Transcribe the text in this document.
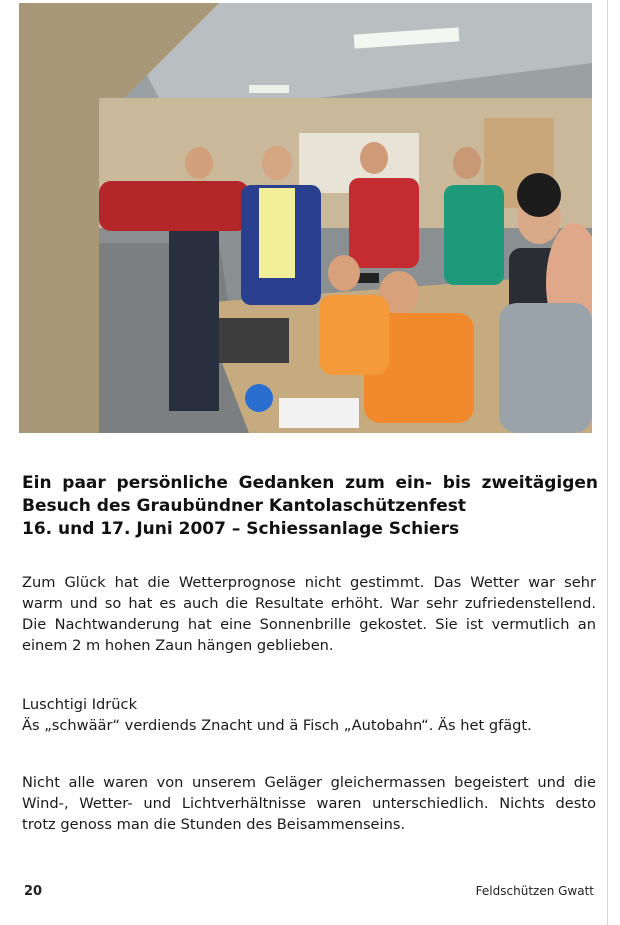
Ein paar persönliche Gedanken zum ein- bis zweitägigen
Besuch des Graubündner Kantolaschützenfest
16. und 17. Juni 2007 – Schiessanlage Schiers
Zum Glück hat die Wetterprognose nicht gestimmt. Das Wetter war sehr
warm und so hat es auch die Resultate erhöht. War sehr zufriedenstellend.
Die Nachtwanderung hat eine Sonnenbrille gekostet. Sie ist vermutlich an
einem 2 m hohen Zaun hängen geblieben.
Luschtigi Idrück
Äs „schwäär“ verdiends Znacht und ä Fisch „Autobahn“. Äs het gfägt.
Nicht alle waren von unserem Geläger gleichermassen begeistert und die
Wind-, Wetter- und Lichtverhältnisse waren unterschiedlich. Nichts desto
trotz genoss man die Stunden des Beisammenseins.
20	Feldschützen Gwatt
